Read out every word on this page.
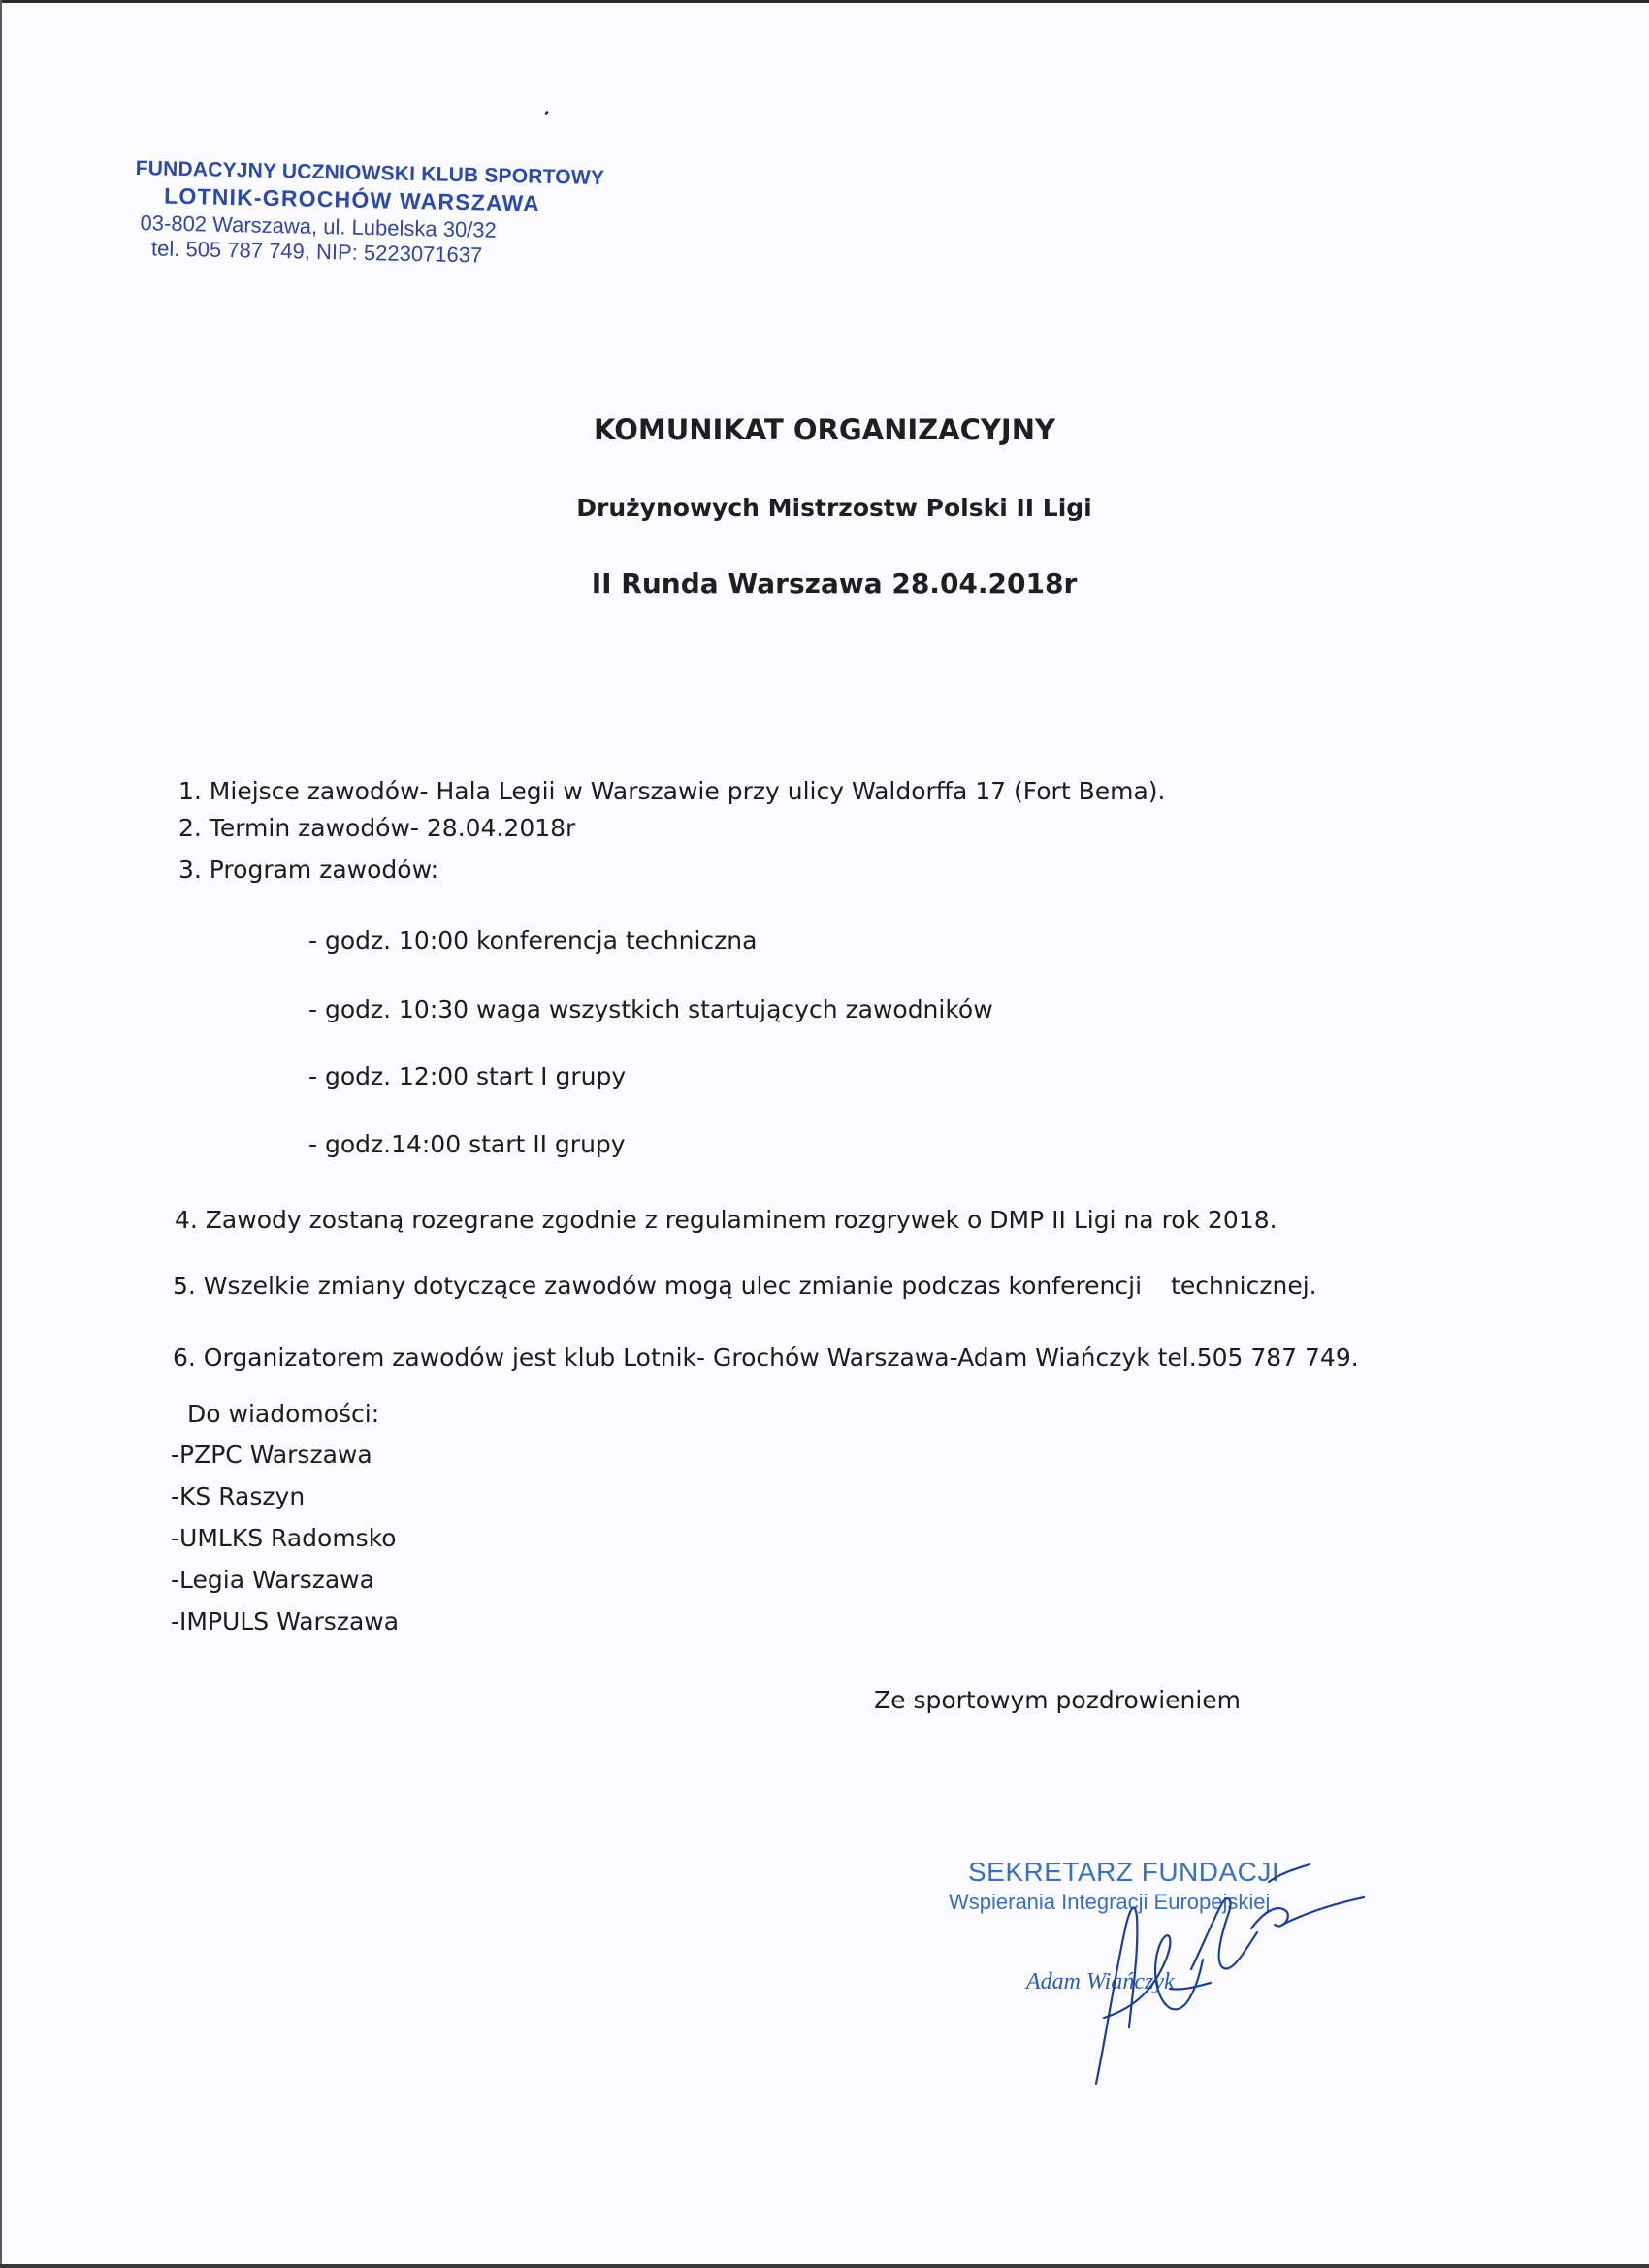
FUNDACYJNY UCZNIOWSKI KLUB SPORTOWY
LOTNIK-GROCHÓW WARSZAWA
03-802 Warszawa, ul. Lubelska 30/32
tel. 505 787 749, NIP: 5223071637
KOMUNIKAT ORGANIZACYJNY
Drużynowych Mistrzostw Polski II Ligi
II Runda Warszawa 28.04.2018r
1. Miejsce zawodów- Hala Legii w Warszawie przy ulicy Waldorffa 17 (Fort Bema).
2. Termin zawodów- 28.04.2018r
3. Program zawodów:
- godz. 10:00 konferencja techniczna
- godz. 10:30 waga wszystkich startujących zawodników
- godz. 12:00 start I grupy
- godz.14:00 start II grupy
4. Zawody zostaną rozegrane zgodnie z regulaminem rozgrywek o DMP II Ligi na rok 2018.
5. Wszelkie zmiany dotyczące zawodów mogą ulec zmianie podczas konferencji technicznej.
6. Organizatorem zawodów jest klub Lotnik- Grochów Warszawa-Adam Wiańczyk tel.505 787 749.
Do wiadomości:
-PZPC Warszawa
-KS Raszyn
-UMLKS Radomsko
-Legia Warszawa
-IMPULS Warszawa
Ze sportowym pozdrowieniem
SEKRETARZ FUNDACJI
Wspierania Integracji Europejskiej
Adam Wiańczyk
